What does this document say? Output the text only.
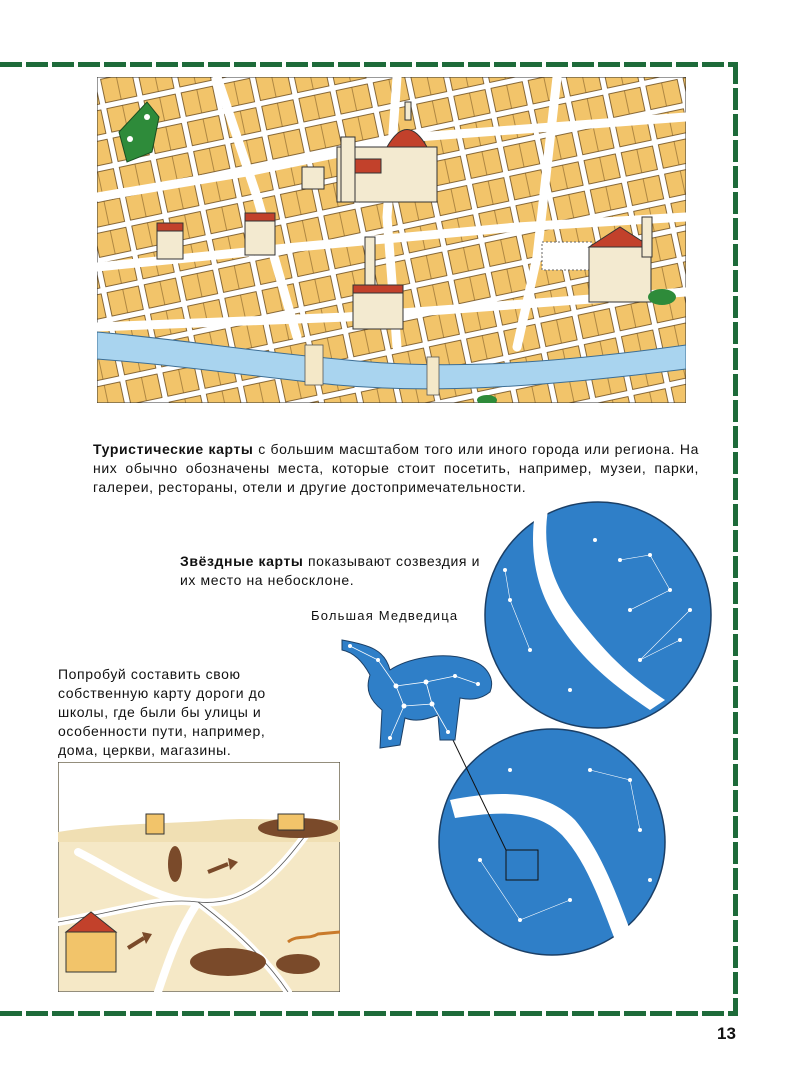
Туристические карты с большим масштабом того или иного города или региона. На них обычно обозначены места, которые стоит посетить, например, музеи, парки, галереи, рестораны, отели и другие достопримечательности.

Звёздные карты показывают созвездия и их место на небосклоне.

Большая Медведица

Попробуй составить свою собственную карту дороги до школы, где были бы улицы и особенности пути, например, дома, церкви, магазины.

13
